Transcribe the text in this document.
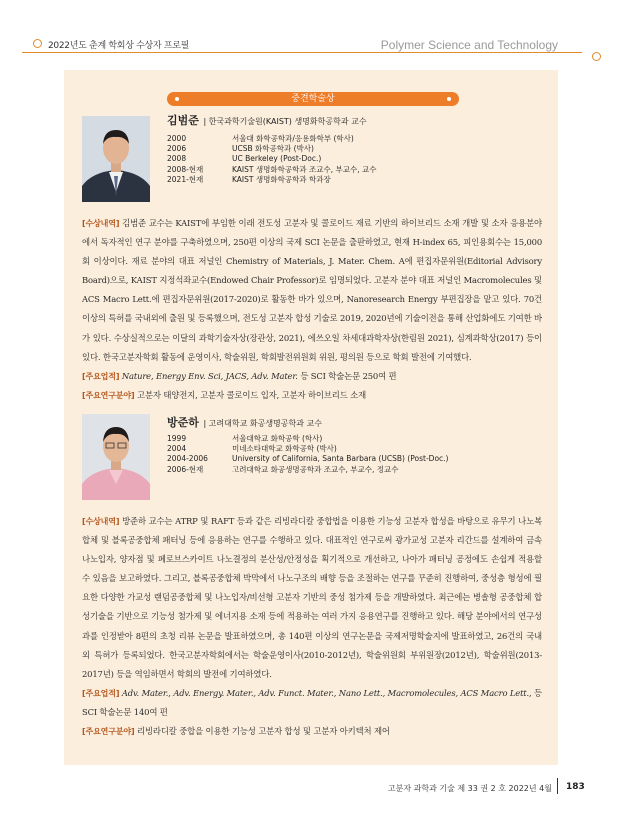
2022년도 춘계 학회상 수상자 프로필	Polymer Science and Technology
중견학술상
김범준 | 한국과학기술원(KAIST) 생명화학공학과 교수
2000	서울대 화학공학과/응용화학부 (학사)
2006	UCSB 화학공학과 (박사)
2008	UC Berkeley (Post-Doc.)
2008-현재	KAIST 생명화학공학과 조교수, 부교수, 교수
2021-현재	KAIST 생명화학공학과 학과장
[수상내역] 김범준 교수는 KAIST에 부임한 이래 전도성 고분자 및 콜로이드 재료 기반의 하이브리드 소재 개발 및 소자 응용분야에서 독자적인 연구 분야를 구축하였으며, 250편 이상의 국제 SCI 논문을 출판하였고, 현재 H-index 65, 피인용회수는 15,000회 이상이다. 재료 분야의 대표 저널인 Chemistry of Materials, J. Mater. Chem. A에 편집자문위원(Editorial Advisory Board)으로, KAIST 지정석좌교수(Endowed Chair Professor)로 임명되었다. 고분자 분야 대표 저널인 Macromolecules 및 ACS Macro Lett.에 편집자문위원(2017-2020)로 활동한 바가 있으며, Nanoresearch Energy 부편집장을 맡고 있다. 70건 이상의 특허를 국내외에 출원 및 등록했으며, 전도성 고분자 합성 기술로 2019, 2020년에 기술이전을 통해 산업화에도 기여한 바가 있다. 수상실적으로는 이달의 과학기술자상(장관상, 2021), 에쓰오일 차세대과학자상(한림원 2021), 심계과학상(2017) 등이 있다. 한국고분자학회 활동에 운영이사, 학술위원, 학회발전위원회 위원, 평의원 등으로 학회 발전에 기여했다.
[주요업적] Nature, Energy Env. Sci, JACS, Adv. Mater. 등 SCI 학술논문 250여 편
[주요연구분야] 고분자 태양전지, 고분자 콜로이드 입자, 고분자 하이브리드 소재
방준하 | 고려대학교 화공생명공학과 교수
1999	서울대학교 화학공학 (학사)
2004	미네소타대학교 화학공학 (박사)
2004-2006	University of California, Santa Barbara (UCSB) (Post-Doc.)
2006-현재	고려대학교 화공생명공학과 조교수, 부교수, 정교수
[수상내역] 방준하 교수는 ATRP 및 RAFT 등과 같은 리빙라디칼 중합법을 이용한 기능성 고분자 합성을 바탕으로 유무기 나노복합체 및 블록공중합체 패터닝 등에 응용하는 연구를 수행하고 있다. 대표적인 연구로써 광가교성 고분자 리간드를 설계하여 금속 나노입자, 양자점 및 페로브스카이트 나노결정의 분산성/안정성을 획기적으로 개선하고, 나아가 패터닝 공정에도 손쉽게 적용할 수 있음을 보고하였다. 그리고, 블록공중합체 박막에서 나노구조의 배향 등을 조절하는 연구를 꾸준히 진행하여, 중성층 형성에 필요한 다양한 가교성 랜덤공중합체 및 나노입자/비선형 고분자 기반의 중성 첨가제 등을 개발하였다. 최근에는 병솔형 공중합체 합성기술을 기반으로 기능성 첨가제 및 에너지용 소재 등에 적용하는 여러 가지 응용연구를 진행하고 있다. 해당 분야에서의 연구성과를 인정받아 8편의 초청 리뷰 논문을 발표하였으며, 총 140편 이상의 연구논문을 국제저명학술지에 발표하였고, 26건의 국내외 특허가 등록되었다. 한국고분자학회에서는 학술운영이사(2010-2012년), 학술위원회 부위원장(2012년), 학술위원(2013-2017년) 등을 역임하면서 학회의 발전에 기여하였다.
[주요업적] Adv. Mater., Adv. Energy. Mater., Adv. Funct. Mater., Nano Lett., Macromolecules, ACS Macro Lett., 등 SCI 학술논문 140여 편
[주요연구분야] 리빙라디칼 중합을 이용한 기능성 고분자 합성 및 고분자 아키텍처 제어
고분자 과학과 기술 제 33 권 2 호 2022년 4월 183
